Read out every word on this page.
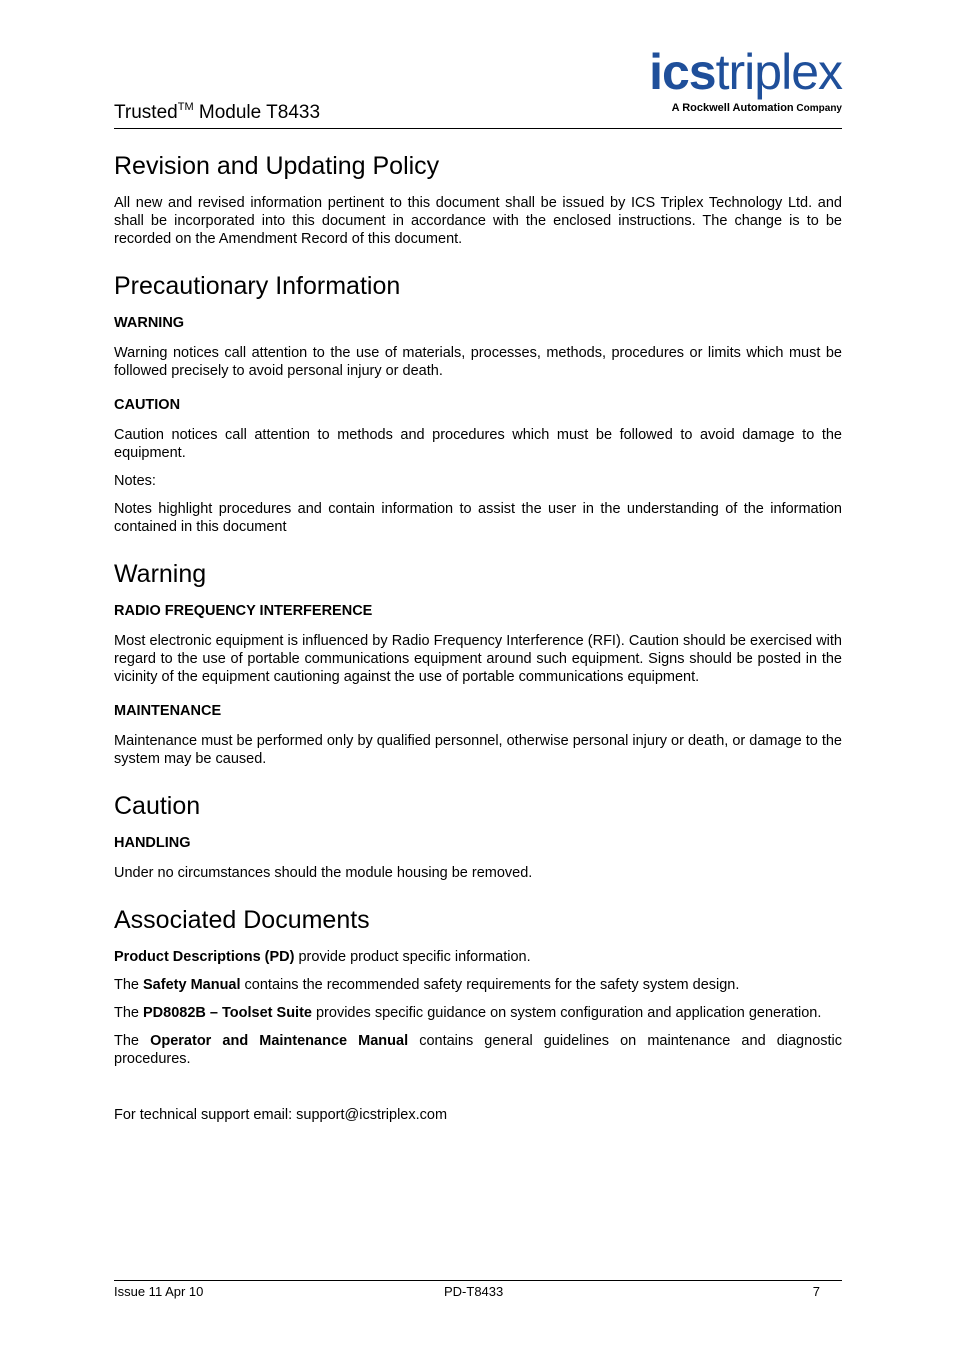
Trusted™ Module T8433
icstriplex
A Rockwell Automation Company
Revision and Updating Policy

All new and revised information pertinent to this document shall be issued by ICS Triplex Technology Ltd. and shall be incorporated into this document in accordance with the enclosed instructions. The change is to be recorded on the Amendment Record of this document.

Precautionary Information
WARNING

Warning notices call attention to the use of materials, processes, methods, procedures or limits which must be followed precisely to avoid personal injury or death.

CAUTION

Caution notices call attention to methods and procedures which must be followed to avoid damage to the equipment.

Notes:

Notes highlight procedures and contain information to assist the user in the understanding of the information contained in this document

Warning
RADIO FREQUENCY INTERFERENCE

Most electronic equipment is influenced by Radio Frequency Interference (RFI). Caution should be exercised with regard to the use of portable communications equipment around such equipment. Signs should be posted in the vicinity of the equipment cautioning against the use of portable communications equipment.

MAINTENANCE

Maintenance must be performed only by qualified personnel, otherwise personal injury or death, or damage to the system may be caused.

Caution
HANDLING

Under no circumstances should the module housing be removed.

Associated Documents

Product Descriptions (PD) provide product specific information.

The Safety Manual contains the recommended safety requirements for the safety system design.

The PD8082B – Toolset Suite provides specific guidance on system configuration and application generation.

The Operator and Maintenance Manual contains general guidelines on maintenance and diagnostic procedures.

For technical support email: support@icstriplex.com

Issue 11 Apr 10	PD-T8433	7
